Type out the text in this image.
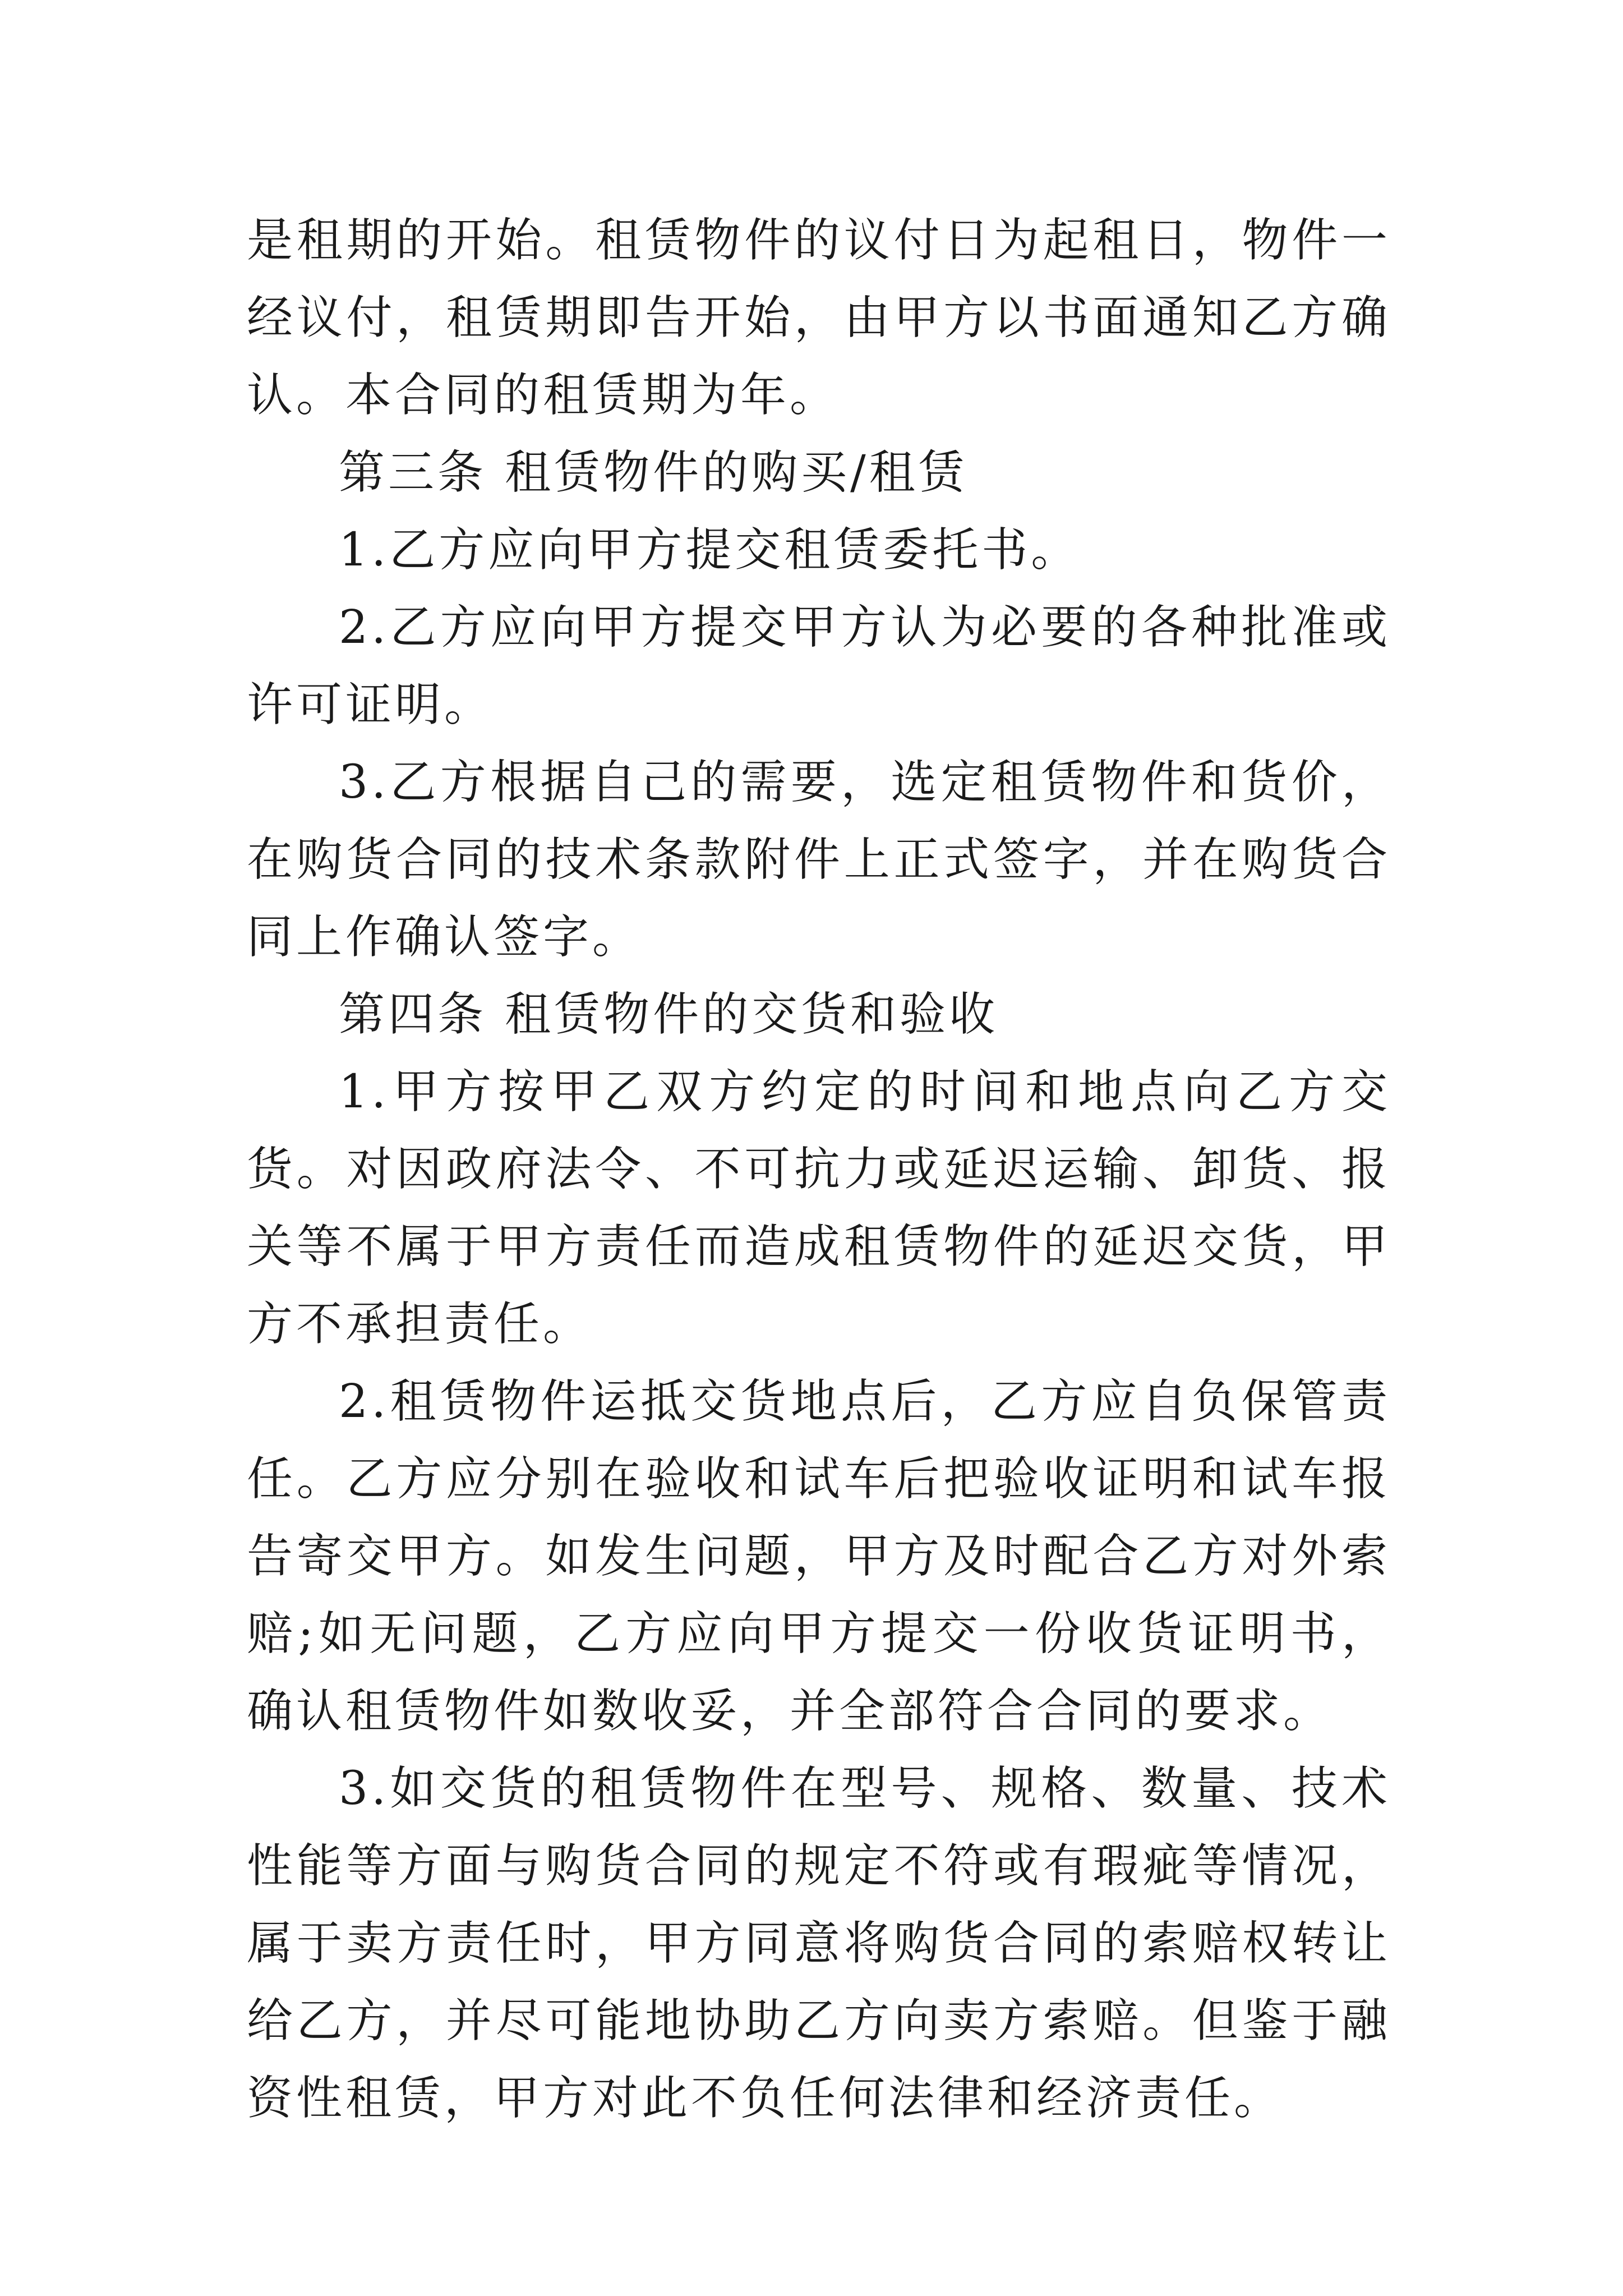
是租期的开始。租赁物件的议付日为起租日，物件一经议付，租赁期即告开始，由甲方以书面通知乙方确认。本合同的租赁期为年。

第三条 租赁物件的购买/租赁

1.乙方应向甲方提交租赁委托书。

2.乙方应向甲方提交甲方认为必要的各种批准或许可证明。

3.乙方根据自己的需要，选定租赁物件和货价，在购货合同的技术条款附件上正式签字，并在购货合同上作确认签字。

第四条 租赁物件的交货和验收

1.甲方按甲乙双方约定的时间和地点向乙方交货。对因政府法令、不可抗力或延迟运输、卸货、报关等不属于甲方责任而造成租赁物件的延迟交货，甲方不承担责任。

2.租赁物件运抵交货地点后，乙方应自负保管责任。乙方应分别在验收和试车后把验收证明和试车报告寄交甲方。如发生问题，甲方及时配合乙方对外索赔;如无问题，乙方应向甲方提交一份收货证明书，确认租赁物件如数收妥，并全部符合合同的要求。

3.如交货的租赁物件在型号、规格、数量、技术性能等方面与购货合同的规定不符或有瑕疵等情况，属于卖方责任时，甲方同意将购货合同的索赔权转让给乙方，并尽可能地协助乙方向卖方索赔。但鉴于融资性租赁，甲方对此不负任何法律和经济责任。
